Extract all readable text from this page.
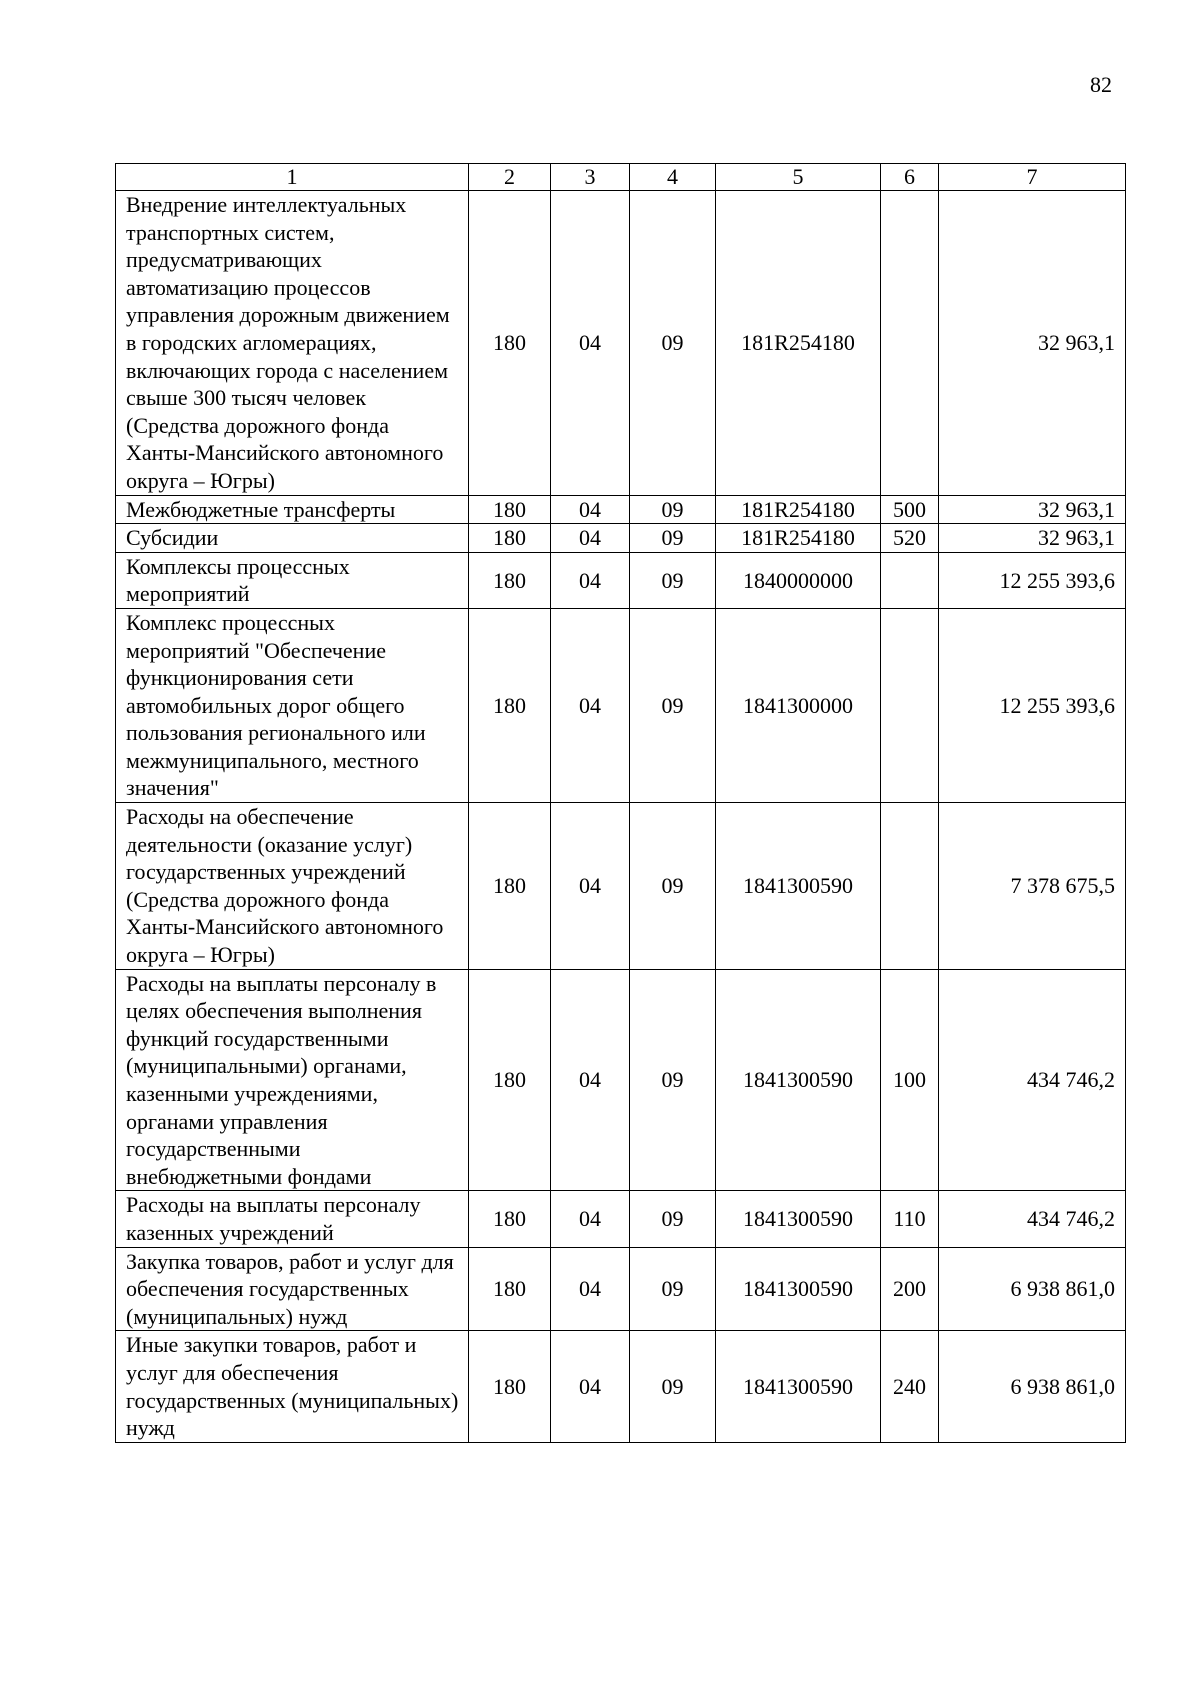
82
1	2	3	4	5	6	7
Внедрение интеллектуальных транспортных систем, предусматривающих автоматизацию процессов управления дорожным движением в городских агломерациях, включающих города с населением свыше 300 тысяч человек (Средства дорожного фонда Ханты-Мансийского автономного округа – Югры)	180	04	09	181R254180		32 963,1
Межбюджетные трансферты	180	04	09	181R254180	500	32 963,1
Субсидии	180	04	09	181R254180	520	32 963,1
Комплексы процессных мероприятий	180	04	09	1840000000		12 255 393,6
Комплекс процессных мероприятий "Обеспечение функционирования сети автомобильных дорог общего пользования регионального или межмуниципального, местного значения"	180	04	09	1841300000		12 255 393,6
Расходы на обеспечение деятельности (оказание услуг) государственных учреждений (Средства дорожного фонда Ханты-Мансийского автономного округа – Югры)	180	04	09	1841300590		7 378 675,5
Расходы на выплаты персоналу в целях обеспечения выполнения функций государственными (муниципальными) органами, казенными учреждениями, органами управления государственными внебюджетными фондами	180	04	09	1841300590	100	434 746,2
Расходы на выплаты персоналу казенных учреждений	180	04	09	1841300590	110	434 746,2
Закупка товаров, работ и услуг для обеспечения государственных (муниципальных) нужд	180	04	09	1841300590	200	6 938 861,0
Иные закупки товаров, работ и услуг для обеспечения государственных (муниципальных) нужд	180	04	09	1841300590	240	6 938 861,0
